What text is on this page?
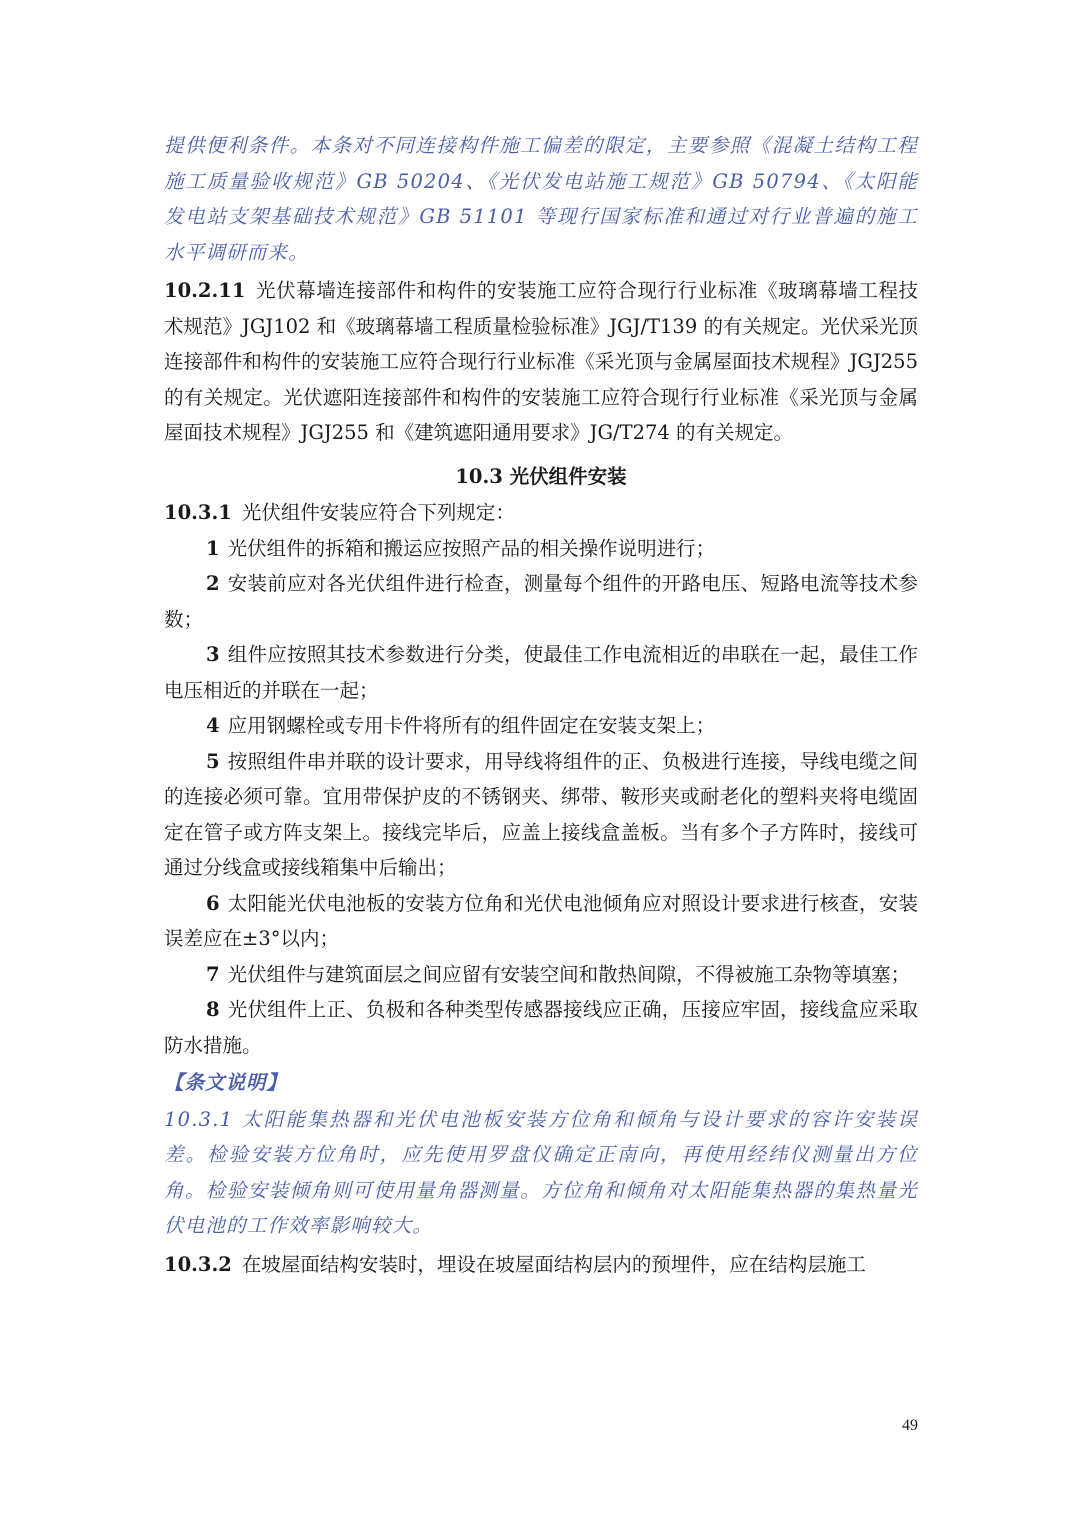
提供便利条件。本条对不同连接构件施工偏差的限定，主要参照《混凝土结构工程施工质量验收规范》GB 50204、《光伏发电站施工规范》GB 50794、《太阳能发电站支架基础技术规范》GB 51101 等现行国家标准和通过对行业普遍的施工水平调研而来。

10.2.11 光伏幕墙连接部件和构件的安装施工应符合现行行业标准《玻璃幕墙工程技术规范》JGJ102 和《玻璃幕墙工程质量检验标准》JGJ/T139 的有关规定。光伏采光顶连接部件和构件的安装施工应符合现行行业标准《采光顶与金属屋面技术规程》JGJ255 的有关规定。光伏遮阳连接部件和构件的安装施工应符合现行行业标准《采光顶与金属屋面技术规程》JGJ255 和《建筑遮阳通用要求》JG/T274 的有关规定。

10.3 光伏组件安装

10.3.1 光伏组件安装应符合下列规定：

1 光伏组件的拆箱和搬运应按照产品的相关操作说明进行；

2 安装前应对各光伏组件进行检查，测量每个组件的开路电压、短路电流等技术参数；

3 组件应按照其技术参数进行分类，使最佳工作电流相近的串联在一起，最佳工作电压相近的并联在一起；

4 应用钢螺栓或专用卡件将所有的组件固定在安装支架上；

5 按照组件串并联的设计要求，用导线将组件的正、负极进行连接，导线电缆之间的连接必须可靠。宜用带保护皮的不锈钢夹、绑带、鞍形夹或耐老化的塑料夹将电缆固定在管子或方阵支架上。接线完毕后，应盖上接线盒盖板。当有多个子方阵时，接线可通过分线盒或接线箱集中后输出；

6 太阳能光伏电池板的安装方位角和光伏电池倾角应对照设计要求进行核查，安装误差应在±3°以内；

7 光伏组件与建筑面层之间应留有安装空间和散热间隙，不得被施工杂物等填塞；

8 光伏组件上正、负极和各种类型传感器接线应正确，压接应牢固，接线盒应采取防水措施。

【条文说明】

10.3.1 太阳能集热器和光伏电池板安装方位角和倾角与设计要求的容许安装误差。检验安装方位角时，应先使用罗盘仪确定正南向，再使用经纬仪测量出方位角。检验安装倾角则可使用量角器测量。方位角和倾角对太阳能集热器的集热量光伏电池的工作效率影响较大。

10.3.2 在坡屋面结构安装时，埋设在坡屋面结构层内的预埋件，应在结构层施工

49
